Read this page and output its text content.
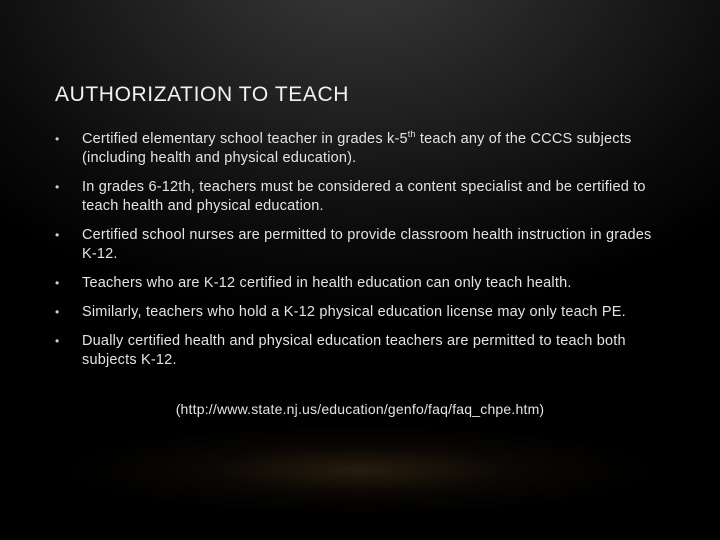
AUTHORIZATION TO TEACH
• Certified elementary school teacher in grades k-5th teach any of the CCCS subjects (including health and physical education).
• In grades 6-12th, teachers must be considered a content specialist and be certified to teach health and physical education.
• Certified school nurses are permitted to provide classroom health instruction in grades K-12.
• Teachers who are K-12 certified in health education can only teach health.
• Similarly, teachers who hold a K-12 physical education license may only teach PE.
• Dually certified health and physical education teachers are permitted to teach both subjects K-12.
(http://www.state.nj.us/education/genfo/faq/faq_chpe.htm)
